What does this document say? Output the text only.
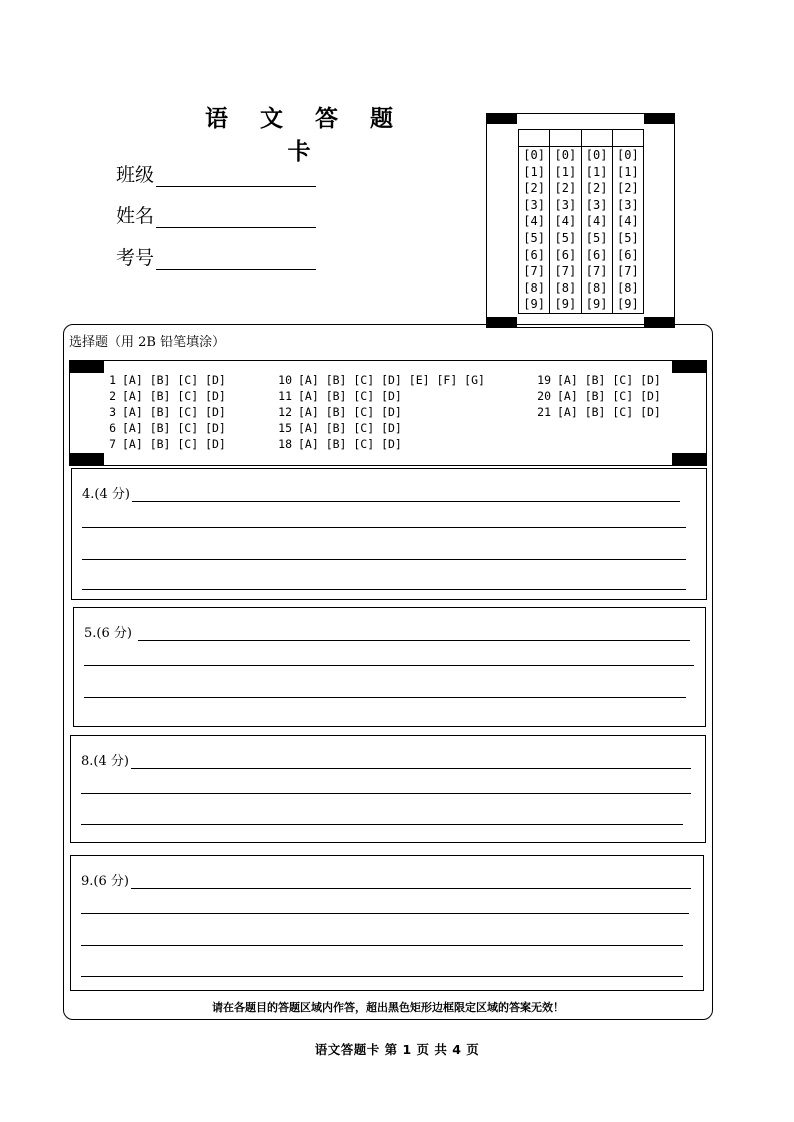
语 文 答 题 卡
班级
姓名
考号
[0]
[1]
[2]
[3]
[4]
[5]
[6]
[7]
[8]
[9]
[0]
[1]
[2]
[3]
[4]
[5]
[6]
[7]
[8]
[9]
[0]
[1]
[2]
[3]
[4]
[5]
[6]
[7]
[8]
[9]
[0]
[1]
[2]
[3]
[4]
[5]
[6]
[7]
[8]
[9]
选择题（用 2B 铅笔填涂）
1 [A] [B] [C] [D]
2 [A] [B] [C] [D]
3 [A] [B] [C] [D]
6 [A] [B] [C] [D]
7 [A] [B] [C] [D]
10 [A] [B] [C] [D] [E] [F] [G]
11 [A] [B] [C] [D]
12 [A] [B] [C] [D]
15 [A] [B] [C] [D]
18 [A] [B] [C] [D]
19 [A] [B] [C] [D]
20 [A] [B] [C] [D]
21 [A] [B] [C] [D]
4.(4 分)
5.(6 分)
8.(4 分)
9.(6 分)
请在各题目的答题区域内作答，超出黑色矩形边框限定区域的答案无效！
语文答题卡 第 1 页 共 4 页
